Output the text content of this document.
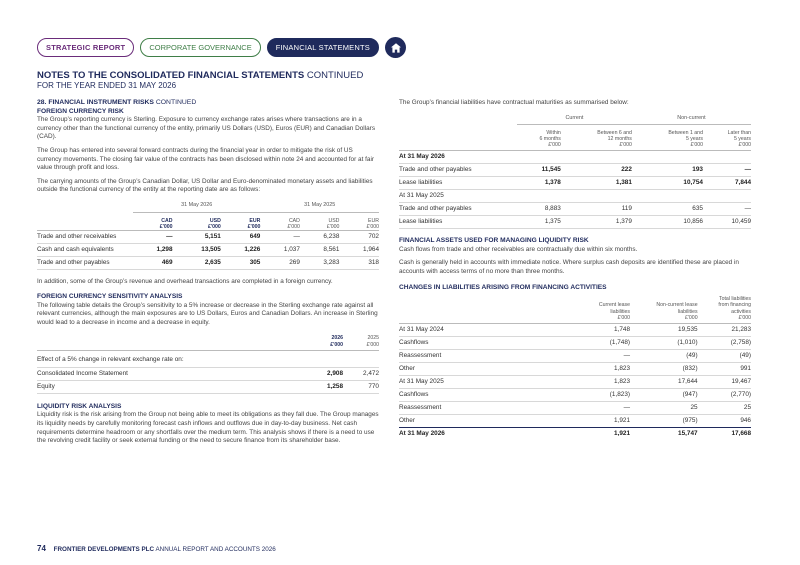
STRATEGIC REPORT	CORPORATE GOVERNANCE	FINANCIAL STATEMENTS
NOTES TO THE CONSOLIDATED FINANCIAL STATEMENTS CONTINUED
FOR THE YEAR ENDED 31 MAY 2026
28. FINANCIAL INSTRUMENT RISKS CONTINUED
FOREIGN CURRENCY RISK

The Group’s reporting currency is Sterling. Exposure to currency exchange rates arises where transactions are in a currency other than the functional currency of the entity, primarily US Dollars (USD), Euros (EUR) and Canadian Dollars (CAD).

The Group has entered into several forward contracts during the financial year in order to mitigate the risk of US currency movements. The closing fair value of the contracts has been disclosed within note 24 and accounted for at fair value through profit and loss.

The carrying amounts of the Group’s Canadian Dollar, US Dollar and Euro-denominated monetary assets and liabilities outside the functional currency of the entity at the reporting date are as follows:

	31 May 2026			31 May 2025		

	CAD
£'000	USD
£'000	EUR
£'000	CAD
£'000	USD
£'000	EUR
£'000
Trade and other receivables	—	5,151	649	—	6,238	702
Cash and cash equivalents	1,298	13,505	1,226	1,037	8,561	1,964
Trade and other payables	469	2,635	305	269	3,283	318

In addition, some of the Group’s revenue and overhead transactions are completed in a foreign currency.

FOREIGN CURRENCY SENSITIVITY ANALYSIS

The following table details the Group’s sensitivity to a 5% increase or decrease in the Sterling exchange rate against all relevant currencies, although the main exposures are to US Dollars, Euros and Canadian Dollars. An increase in Sterling would lead to a decrease in income and a decrease in equity.

	2026
£'000	2025
£'000

Effect of a 5% change in relevant exchange rate on:		
Consolidated Income Statement	2,908	2,472
Equity	1,258	770
LIQUIDITY RISK ANALYSIS

Liquidity risk is the risk arising from the Group not being able to meet its obligations as they fall due. The Group manages its liquidity needs by carefully monitoring forecast cash inflows and outflows due in day-to-day business. Net cash requirements determine headroom or any shortfalls over the medium term. This analysis shows if there is a need to use the revolving credit facility or seek external funding or the need to secure finance from its shareholder base.

The Group’s financial liabilities have contractual maturities as summarised below:

	Current		Non-current	

	Within
6 months
£'000	Between 6 and
12 months
£'000	Between 1 and
5 years
£'000	Later than
5 years
£'000
At 31 May 2026				
Trade and other payables	11,545	222	193	—
Lease liabilities	1,378	1,381	10,754	7,844
At 31 May 2025				
Trade and other payables	8,883	119	635	—
Lease liabilities	1,375	1,379	10,856	10,459
FINANCIAL ASSETS USED FOR MANAGING LIQUIDITY RISK

Cash flows from trade and other receivables are contractually due within six months.

Cash is generally held in accounts with immediate notice. Where surplus cash deposits are identified these are placed in accounts with access terms of no more than three months.

CHANGES IN LIABILITIES ARISING FROM FINANCING ACTIVITIES
	Current lease
liabilities
£'000	Non-current lease
liabilities
£'000	Total liabilities
from financing
activities
£'000
At 31 May 2024	1,748	19,535	21,283
Cashflows	(1,748)	(1,010)	(2,758)
Reassessment	—	(49)	(49)
Other	1,823	(832)	991
At 31 May 2025	1,823	17,644	19,467
Cashflows	(1,823)	(947)	(2,770)
Reassessment	—	25	25
Other	1,921	(975)	946
At 31 May 2026	1,921	15,747	17,668
74 FRONTIER DEVELOPMENTS PLC ANNUAL REPORT AND ACCOUNTS 2026
